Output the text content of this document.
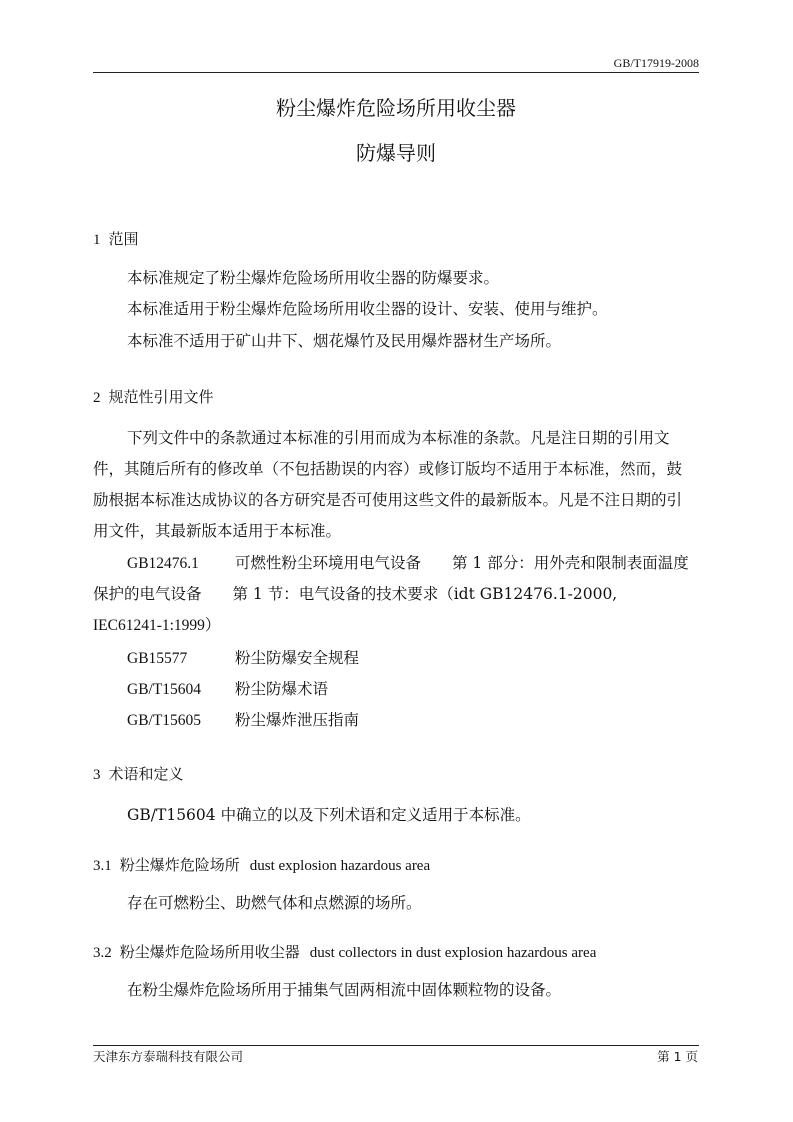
GB/T17919-2008
粉尘爆炸危险场所用收尘器
防爆导则
1 范围
本标准规定了粉尘爆炸危险场所用收尘器的防爆要求。
本标准适用于粉尘爆炸危险场所用收尘器的设计、安装、使用与维护。
本标准不适用于矿山井下、烟花爆竹及民用爆炸器材生产场所。
2 规范性引用文件
下列文件中的条款通过本标准的引用而成为本标准的条款。凡是注日期的引用文
件，其随后所有的修改单（不包括勘误的内容）或修订版均不适用于本标准，然而，鼓
励根据本标准达成协议的各方研究是否可使用这些文件的最新版本。凡是不注日期的引
用文件，其最新版本适用于本标准。
GB12476.1 可燃性粉尘环境用电气设备　　第 1 部分：用外壳和限制表面温度
保护的电气设备　　第 1 节：电气设备的技术要求（idt GB12476.1-2000,
IEC61241-1:1999）
GB15577	粉尘防爆安全规程
GB/T15604 粉尘防爆术语
GB/T15605 粉尘爆炸泄压指南
3 术语和定义
GB/T15604 中确立的以及下列术语和定义适用于本标准。
3.1 粉尘爆炸危险场所 dust explosion hazardous area
存在可燃粉尘、助燃气体和点燃源的场所。
3.2 粉尘爆炸危险场所用收尘器 dust collectors in dust explosion hazardous area
在粉尘爆炸危险场所用于捕集气固两相流中固体颗粒物的设备。
天津东方泰瑞科技有限公司	第 1 页
